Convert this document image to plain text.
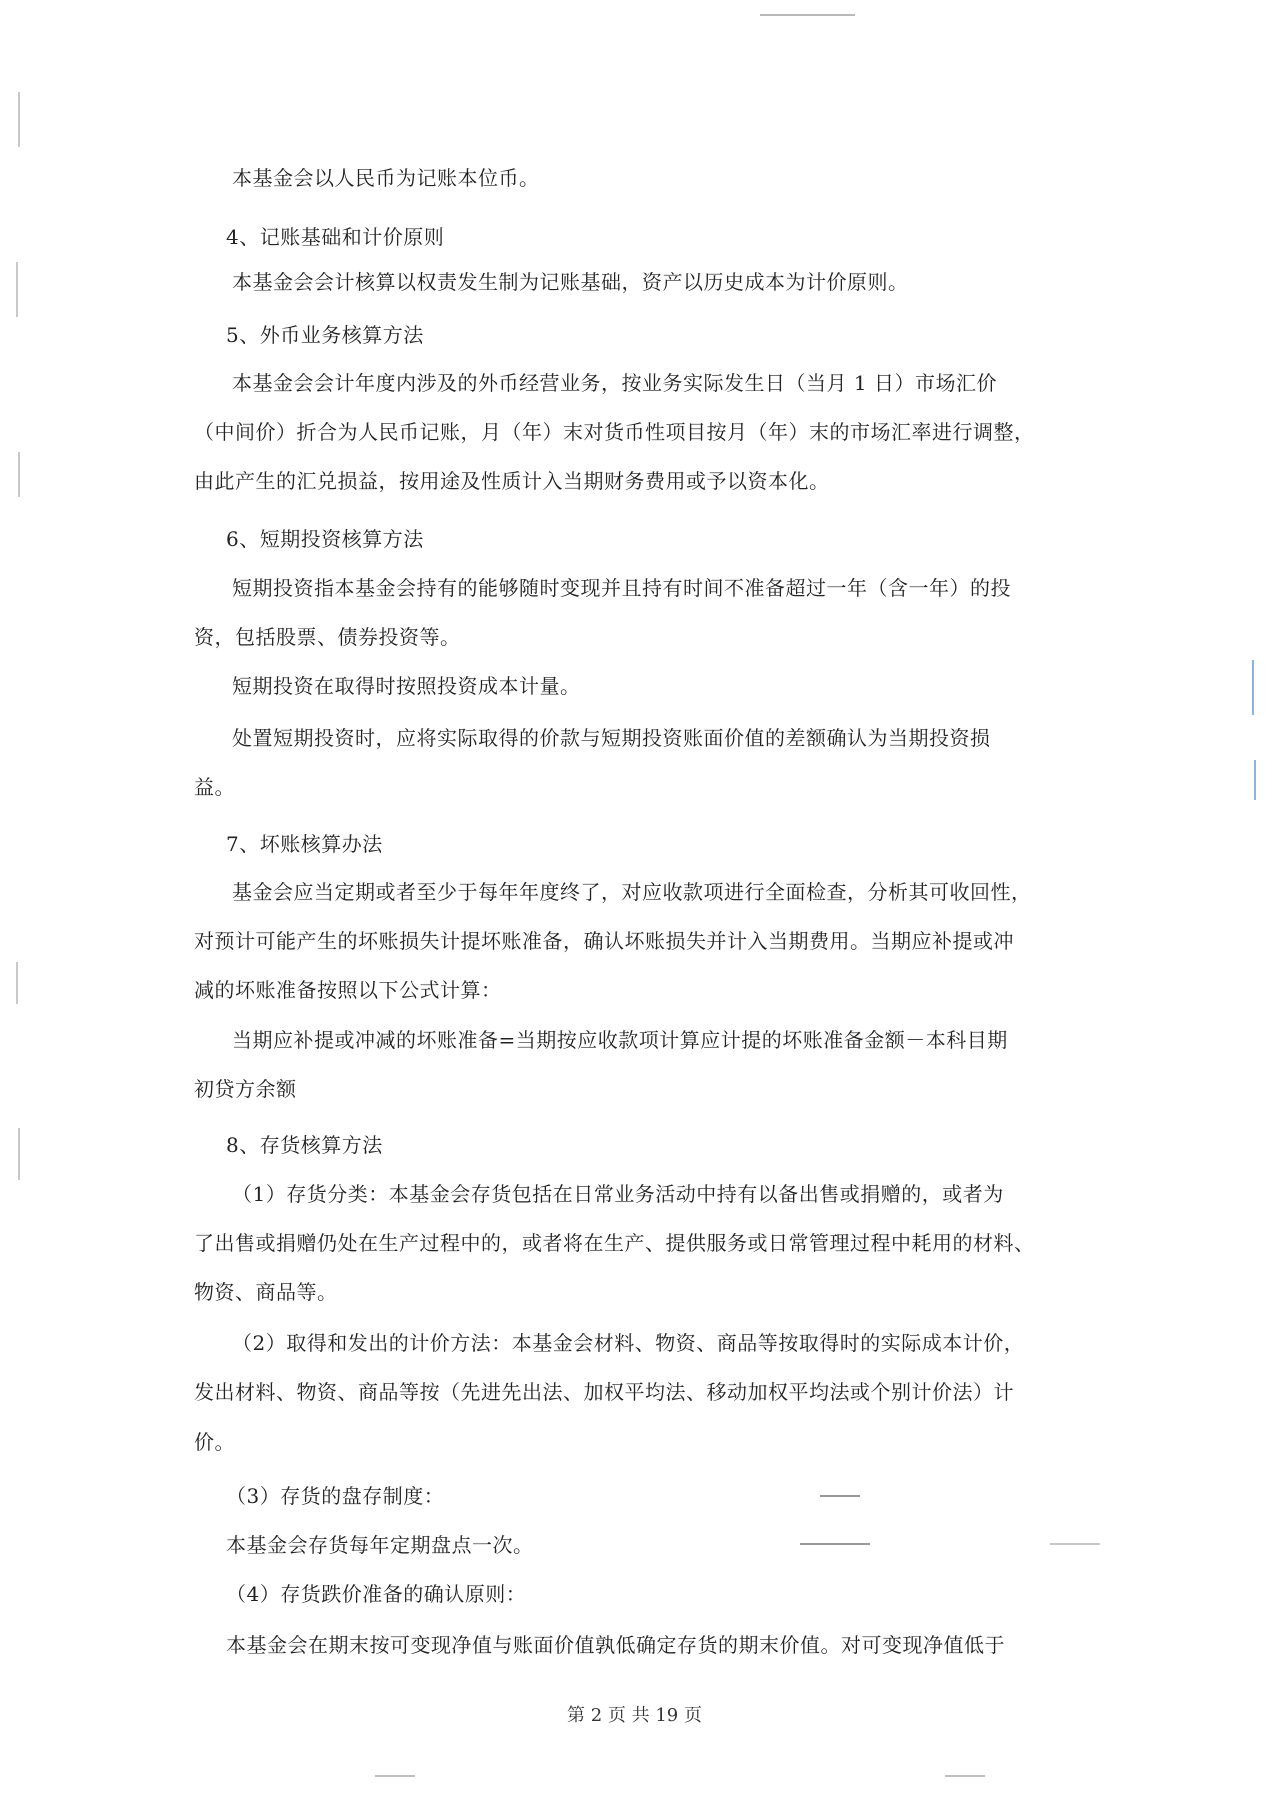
本基金会以人民币为记账本位币。
4、记账基础和计价原则
本基金会会计核算以权责发生制为记账基础，资产以历史成本为计价原则。
5、外币业务核算方法
本基金会会计年度内涉及的外币经营业务，按业务实际发生日（当月 1 日）市场汇价
（中间价）折合为人民币记账，月（年）末对货币性项目按月（年）末的市场汇率进行调整，
由此产生的汇兑损益，按用途及性质计入当期财务费用或予以资本化。
6、短期投资核算方法
短期投资指本基金会持有的能够随时变现并且持有时间不准备超过一年（含一年）的投
资，包括股票、债券投资等。
短期投资在取得时按照投资成本计量。
处置短期投资时，应将实际取得的价款与短期投资账面价值的差额确认为当期投资损
益。
7、坏账核算办法
基金会应当定期或者至少于每年年度终了，对应收款项进行全面检查，分析其可收回性，
对预计可能产生的坏账损失计提坏账准备，确认坏账损失并计入当期费用。当期应补提或冲
减的坏账准备按照以下公式计算：
当期应补提或冲减的坏账准备=当期按应收款项计算应计提的坏账准备金额－本科目期
初贷方余额
8、存货核算方法
（1）存货分类：本基金会存货包括在日常业务活动中持有以备出售或捐赠的，或者为
了出售或捐赠仍处在生产过程中的，或者将在生产、提供服务或日常管理过程中耗用的材料、
物资、商品等。
（2）取得和发出的计价方法：本基金会材料、物资、商品等按取得时的实际成本计价，
发出材料、物资、商品等按（先进先出法、加权平均法、移动加权平均法或个别计价法）计
价。
（3）存货的盘存制度：
本基金会存货每年定期盘点一次。
（4）存货跌价准备的确认原则：
本基金会在期末按可变现净值与账面价值孰低确定存货的期末价值。对可变现净值低于
第 2 页 共 19 页
